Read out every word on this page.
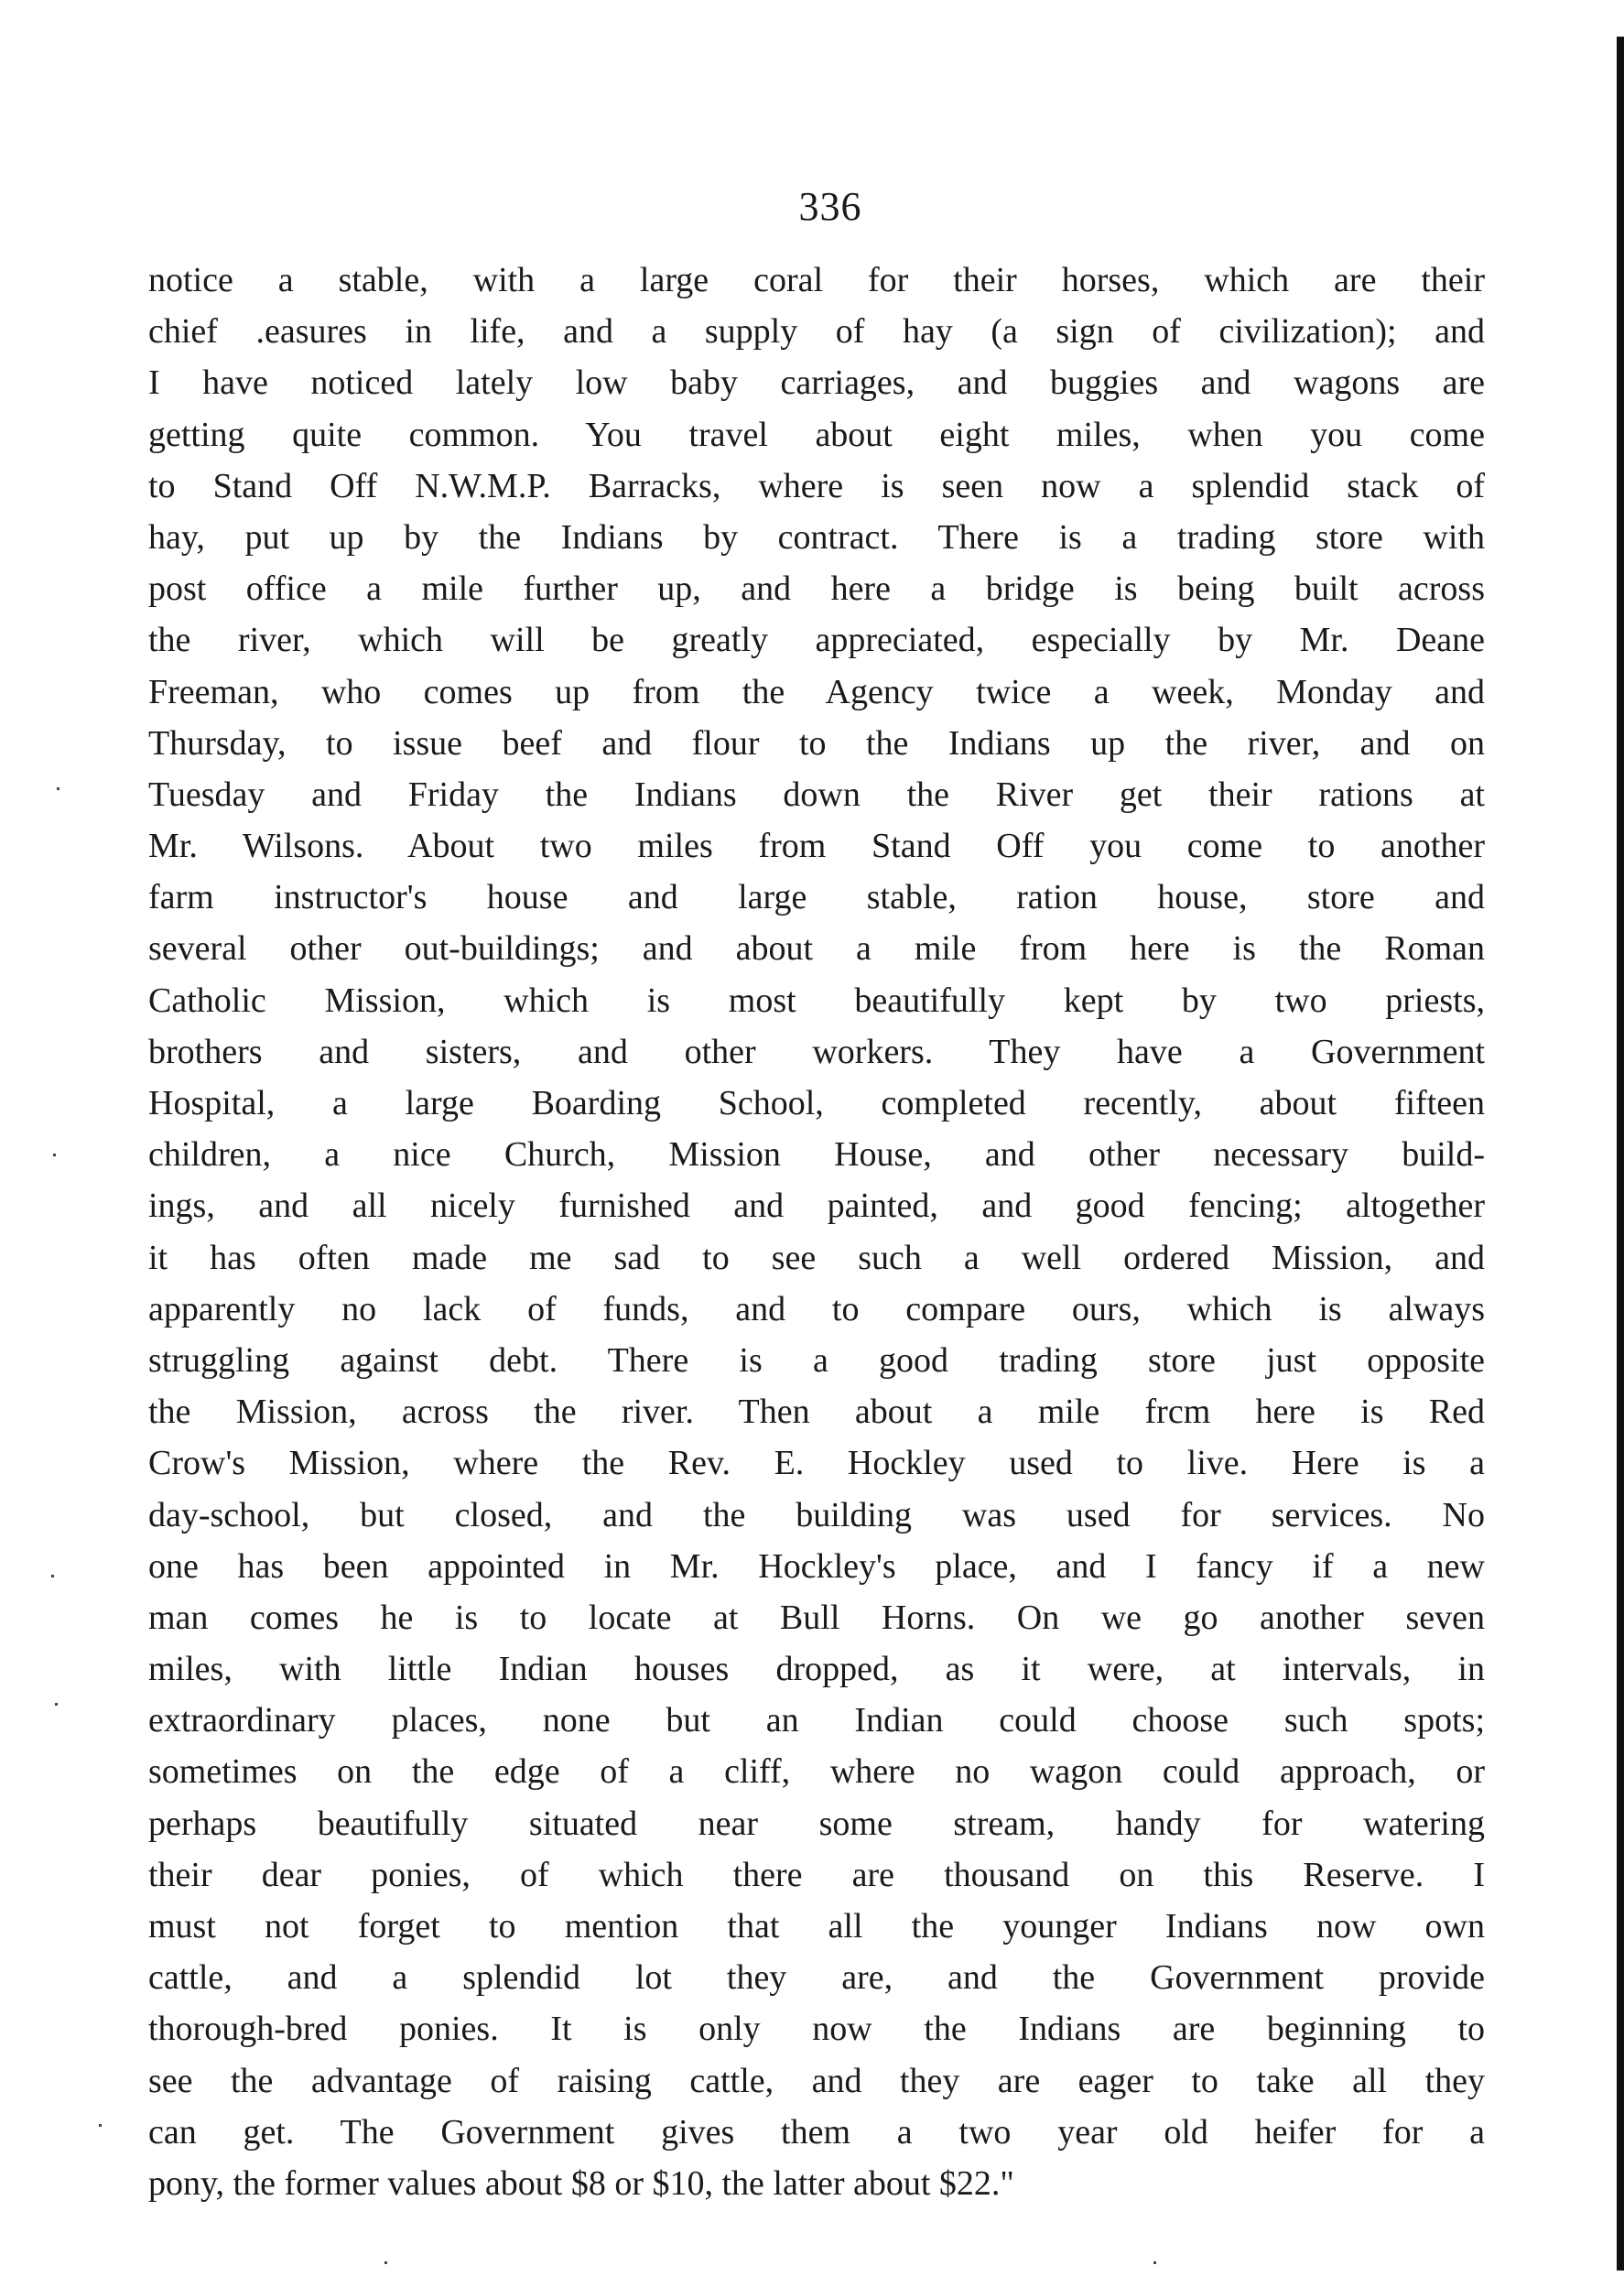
336
notice a stable, with a large coral for their horses, which are their
chief .easures in life, and a supply of hay (a sign of civilization); and
I have noticed lately low baby carriages, and buggies and wagons are
getting quite common. You travel about eight miles, when you come
to Stand Off N.W.M.P. Barracks, where is seen now a splendid stack of
hay, put up by the Indians by contract. There is a trading store with
post office a mile further up, and here a bridge is being built across
the river, which will be greatly appreciated, especially by Mr. Deane
Freeman, who comes up from the Agency twice a week, Monday and
Thursday, to issue beef and flour to the Indians up the river, and on
Tuesday and Friday the Indians down the River get their rations at
Mr. Wilsons. About two miles from Stand Off you come to another
farm instructor's house and large stable, ration house, store and
several other out-buildings; and about a mile from here is the Roman
Catholic Mission, which is most beautifully kept by two priests,
brothers and sisters, and other workers. They have a Government
Hospital, a large Boarding School, completed recently, about fifteen
children, a nice Church, Mission House, and other necessary build-
ings, and all nicely furnished and painted, and good fencing; altogether
it has often made me sad to see such a well ordered Mission, and
apparently no lack of funds, and to compare ours, which is always
struggling against debt. There is a good trading store just opposite
the Mission, across the river. Then about a mile frcm here is Red
Crow's Mission, where the Rev. E. Hockley used to live. Here is a
day-school, but closed, and the building was used for services. No
one has been appointed in Mr. Hockley's place, and I fancy if a new
man comes he is to locate at Bull Horns. On we go another seven
miles, with little Indian houses dropped, as it were, at intervals, in
extraordinary places, none but an Indian could choose such spots;
sometimes on the edge of a cliff, where no wagon could approach, or
perhaps beautifully situated near some stream, handy for watering
their dear ponies, of which there are thousand on this Reserve. I
must not forget to mention that all the younger Indians now own
cattle, and a splendid lot they are, and the Government provide
thorough-bred ponies. It is only now the Indians are beginning to
see the advantage of raising cattle, and they are eager to take all they
can get. The Government gives them a two year old heifer for a
pony, the former values about $8 or $10, the latter about $22."
